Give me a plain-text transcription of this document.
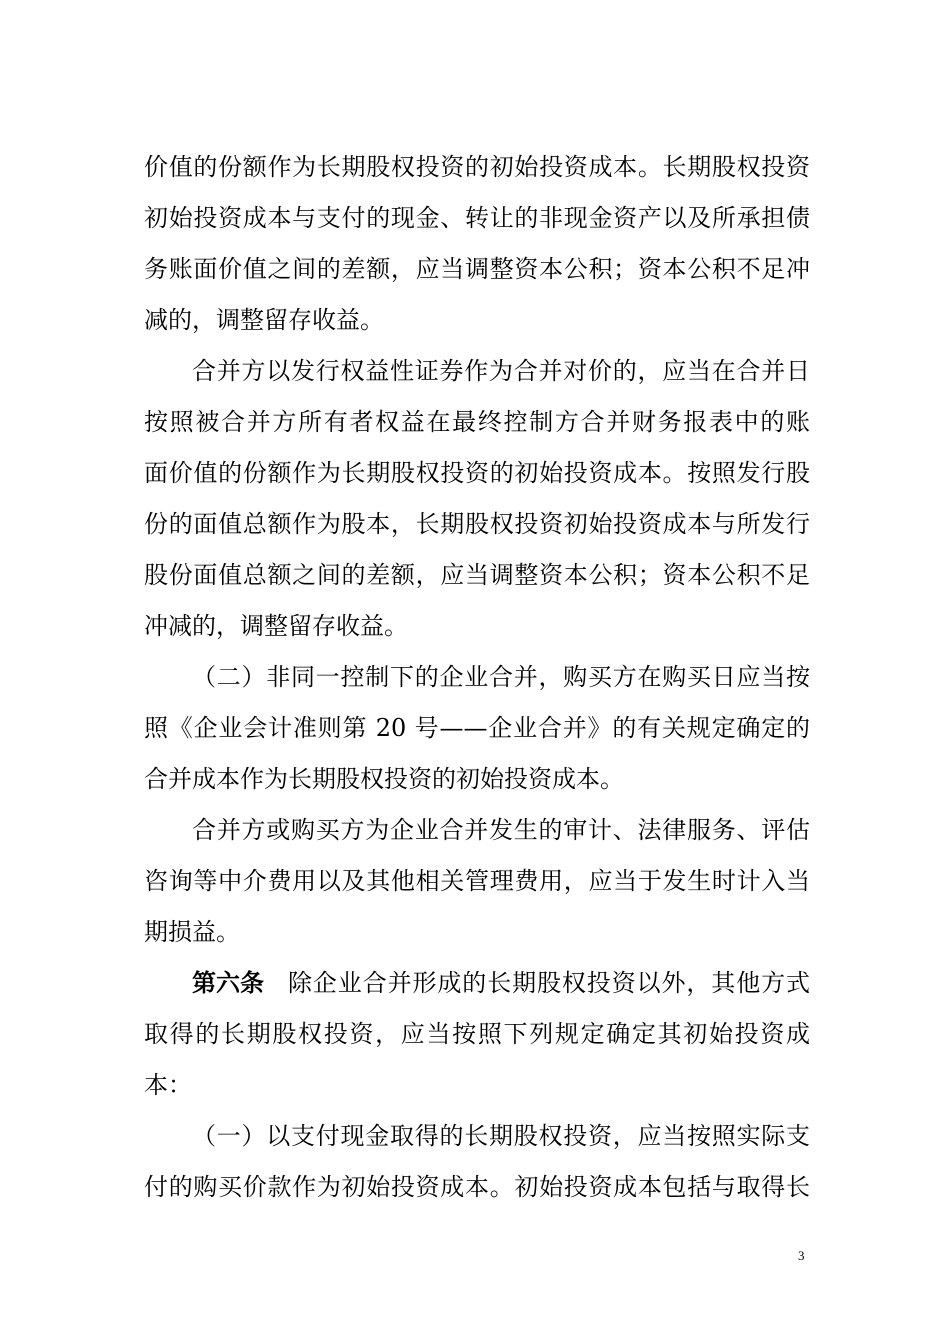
价值的份额作为长期股权投资的初始投资成本。长期股权投资
初始投资成本与支付的现金、转让的非现金资产以及所承担债
务账面价值之间的差额，应当调整资本公积；资本公积不足冲
减的，调整留存收益。
合并方以发行权益性证券作为合并对价的，应当在合并日
按照被合并方所有者权益在最终控制方合并财务报表中的账
面价值的份额作为长期股权投资的初始投资成本。按照发行股
份的面值总额作为股本，长期股权投资初始投资成本与所发行
股份面值总额之间的差额，应当调整资本公积；资本公积不足
冲减的，调整留存收益。
（二）非同一控制下的企业合并，购买方在购买日应当按
照《企业会计准则第 20 号——企业合并》的有关规定确定的
合并成本作为长期股权投资的初始投资成本。
合并方或购买方为企业合并发生的审计、法律服务、评估
咨询等中介费用以及其他相关管理费用，应当于发生时计入当
期损益。
第六条	除企业合并形成的长期股权投资以外，其他方式
取得的长期股权投资，应当按照下列规定确定其初始投资成
本：
（一）以支付现金取得的长期股权投资，应当按照实际支
付的购买价款作为初始投资成本。初始投资成本包括与取得长
3
